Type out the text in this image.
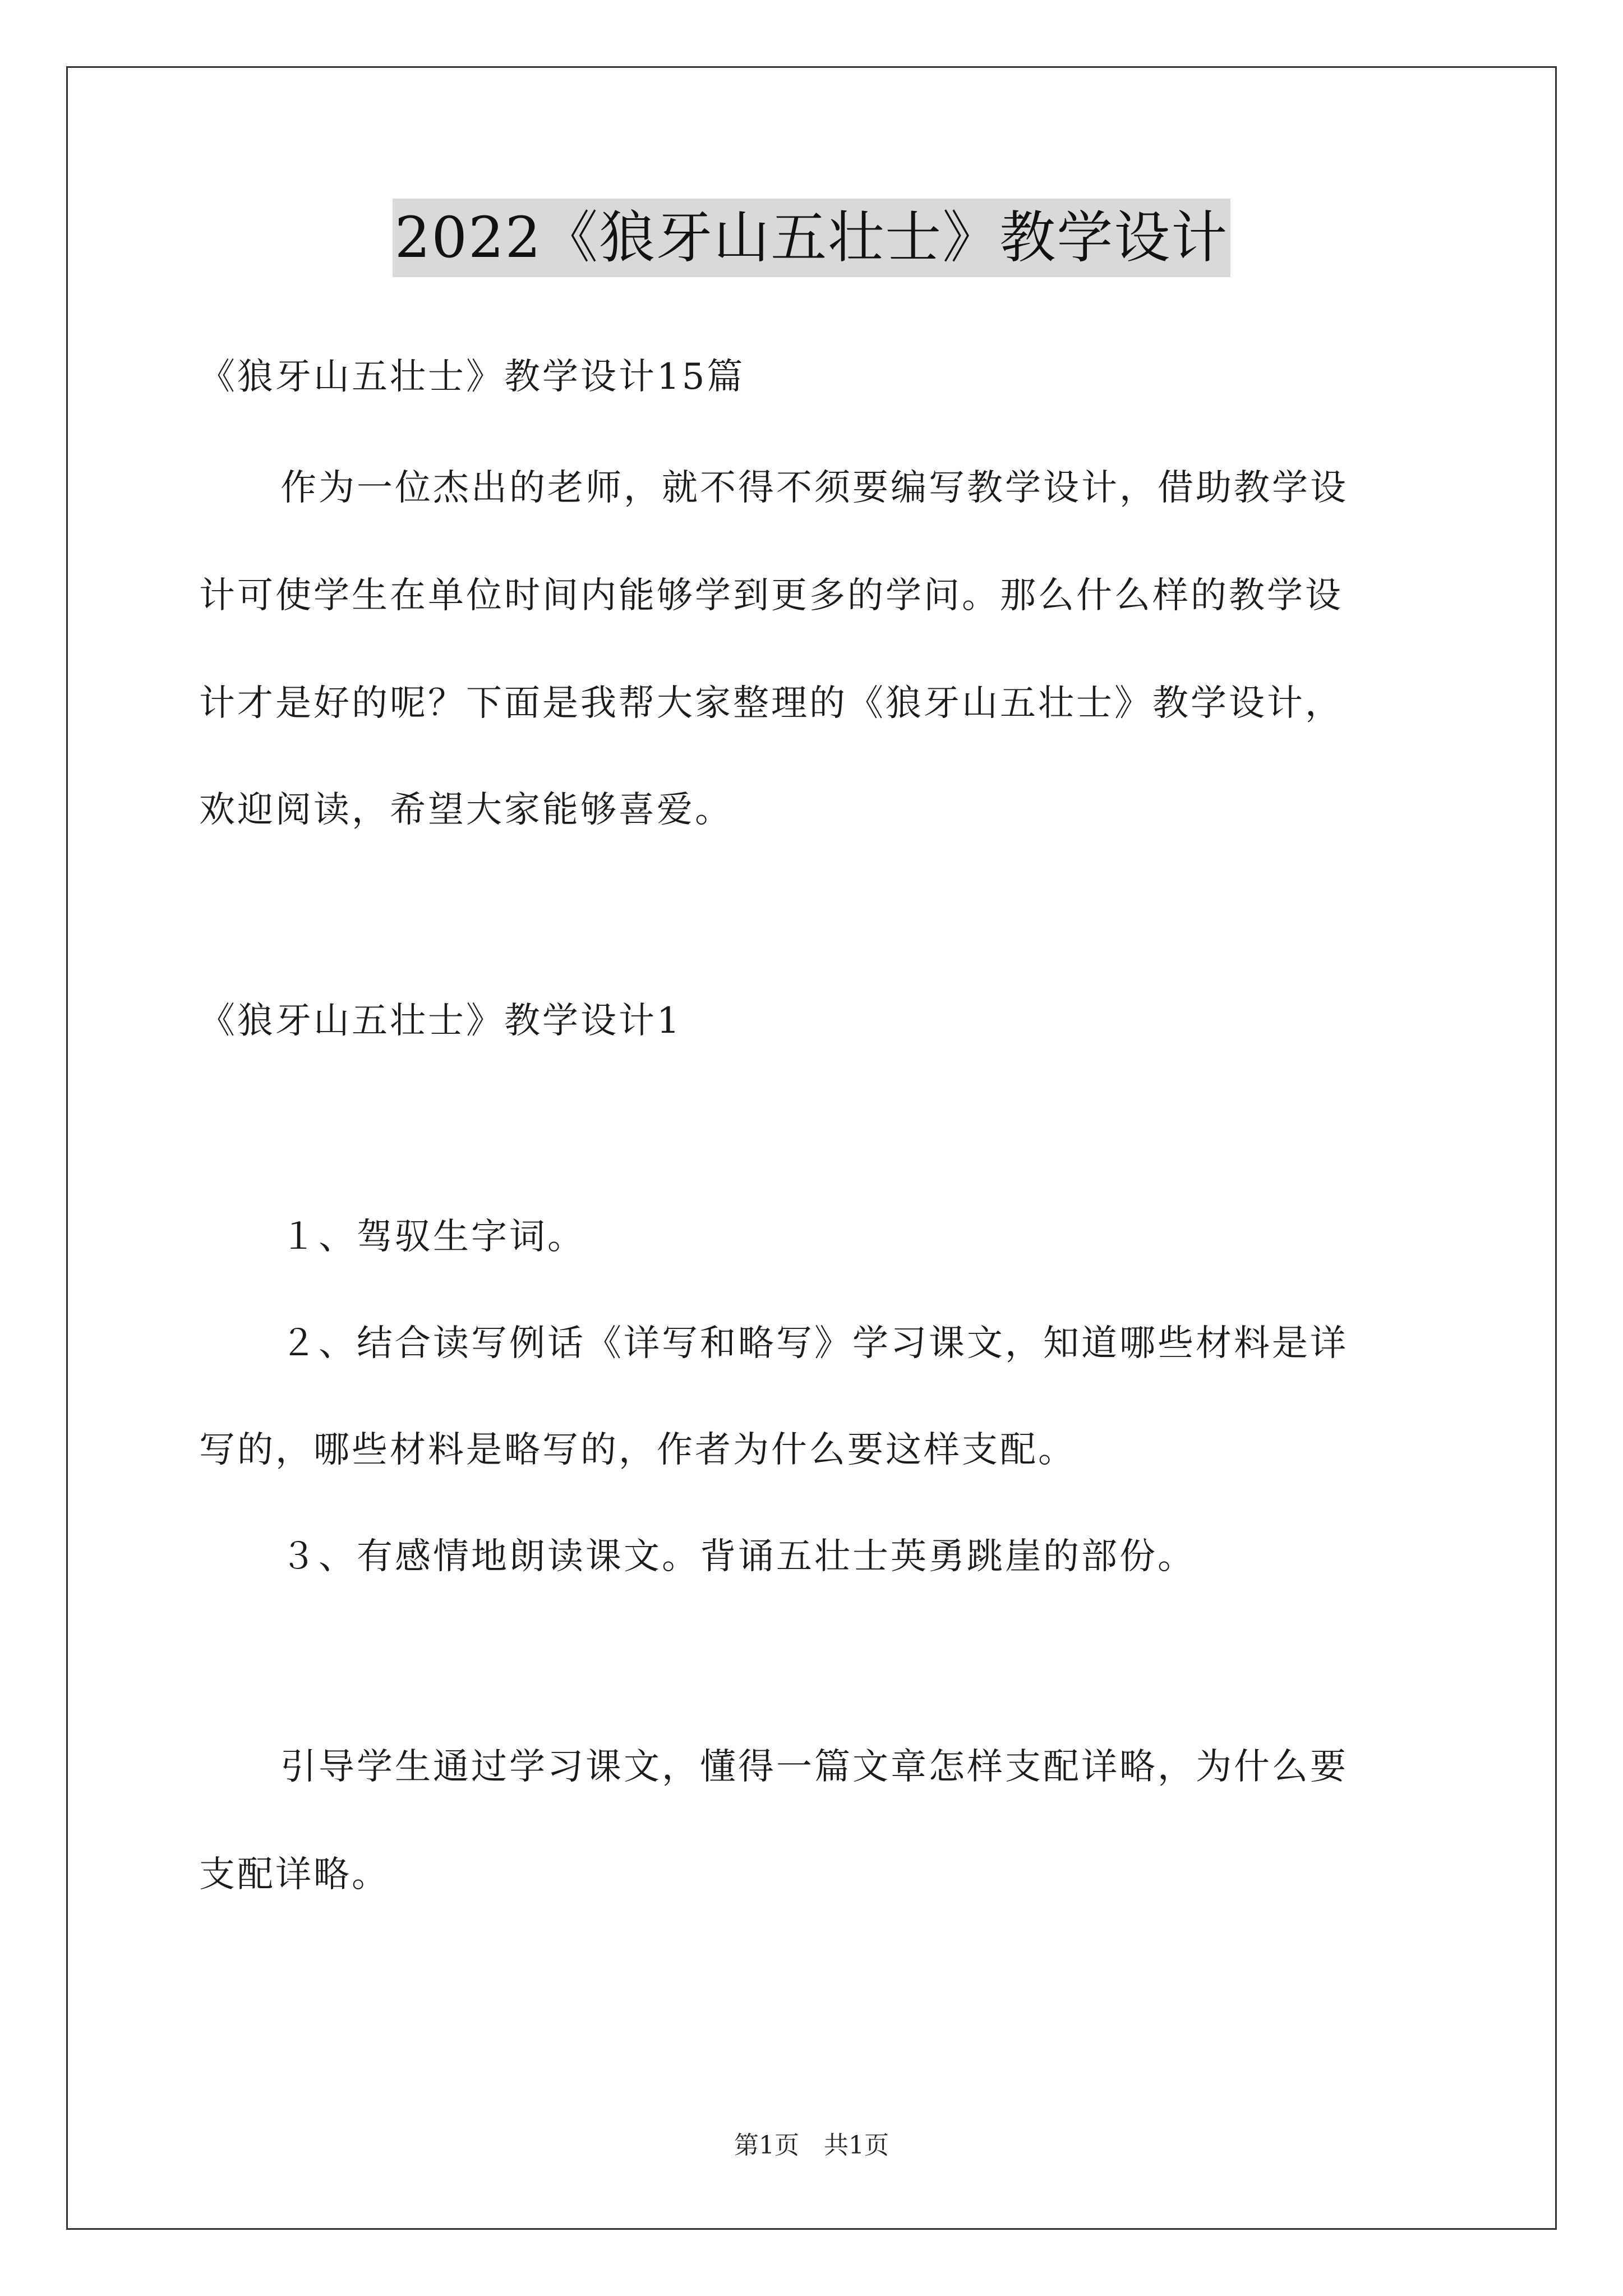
2022《狼牙山五壮士》教学设计
《狼牙山五壮士》教学设计15篇
作为一位杰出的老师，就不得不须要编写教学设计，借助教学设
计可使学生在单位时间内能够学到更多的学问。那么什么样的教学设
计才是好的呢？下面是我帮大家整理的《狼牙山五壮士》教学设计，
欢迎阅读，希望大家能够喜爱。
《狼牙山五壮士》教学设计1
１、驾驭生字词。
２、结合读写例话《详写和略写》学习课文，知道哪些材料是详
写的，哪些材料是略写的，作者为什么要这样支配。
３、有感情地朗读课文。背诵五壮士英勇跳崖的部份。
引导学生通过学习课文，懂得一篇文章怎样支配详略，为什么要
支配详略。
第1页　共1页
